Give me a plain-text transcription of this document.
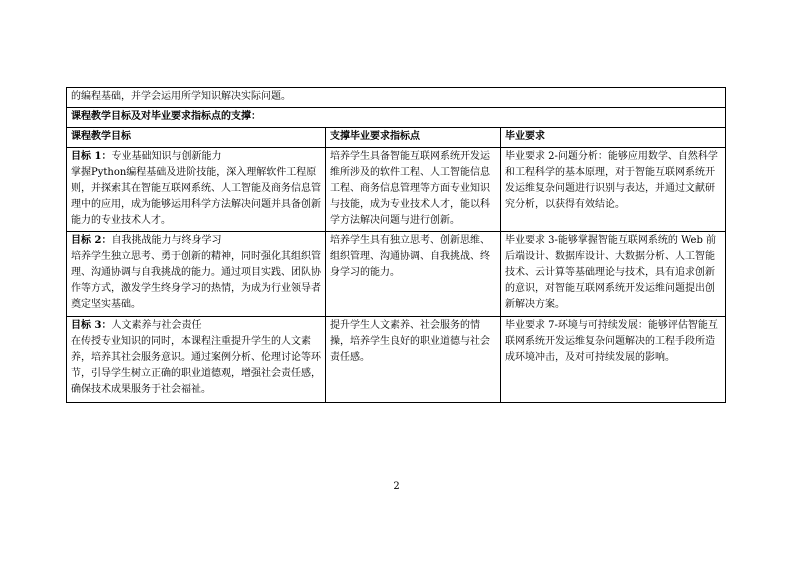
的编程基础，并学会运用所学知识解决实际问题。		
课程教学目标及对毕业要求指标点的支撑：		
课程教学目标	支撑毕业要求指标点	毕业要求
目标 1：专业基础知识与创新能力
掌握Python编程基础及进阶技能，深入理解软件工程原则，并探索其在智能互联网系统、人工智能及商务信息管理中的应用，成为能够运用科学方法解决问题并具备创新能力的专业技术人才。	培养学生具备智能互联网系统开发运维所涉及的软件工程、人工智能信息工程、商务信息管理等方面专业知识与技能，成为专业技术人才，能以科学方法解决问题与进行创新。	毕业要求 2-问题分析：能够应用数学、自然科学和工程科学的基本原理，对于智能互联网系统开发运维复杂问题进行识别与表达，并通过文献研究分析，以获得有效结论。
目标 2：自我挑战能力与终身学习
培养学生独立思考、勇于创新的精神，同时强化其组织管理、沟通协调与自我挑战的能力。通过项目实践、团队协作等方式，激发学生终身学习的热情，为成为行业领导者奠定坚实基础。	培养学生具有独立思考、创新思维、组织管理、沟通协调、自我挑战、终身学习的能力。	毕业要求 3-能够掌握智能互联网系统的 Web 前后端设计、数据库设计、大数据分析、人工智能技术、云计算等基础理论与技术，具有追求创新的意识，对智能互联网系统开发运维问题提出创新解决方案。
目标 3：人文素养与社会责任
在传授专业知识的同时，本课程注重提升学生的人文素养，培养其社会服务意识。通过案例分析、伦理讨论等环节，引导学生树立正确的职业道德观，增强社会责任感，确保技术成果服务于社会福祉。	提升学生人文素养、社会服务的情操，培养学生良好的职业道德与社会责任感。	毕业要求 7-环境与可持续发展：能够评估智能互联网系统开发运维复杂问题解决的工程手段所造成环境冲击，及对可持续发展的影响。
2
